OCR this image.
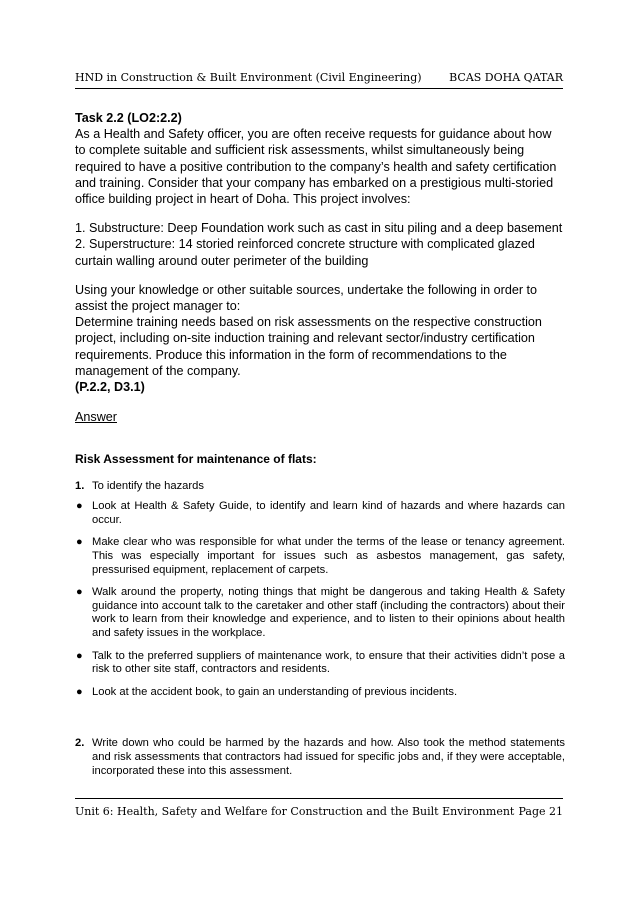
HND in Construction & Built Environment (Civil Engineering)	BCAS DOHA QATAR

Task 2.2 (LO2:2.2)

As a Health and Safety officer, you are often receive requests for guidance about how to complete suitable and sufficient risk assessments, whilst simultaneously being required to have a positive contribution to the company’s health and safety certification and training. Consider that your company has embarked on a prestigious multi-storied office building project in heart of Doha. This project involves:

1. Substructure: Deep Foundation work such as cast in situ piling and a deep basement

2. Superstructure: 14 storied reinforced concrete structure with complicated glazed curtain walling around outer perimeter of the building

Using your knowledge or other suitable sources, undertake the following in order to assist the project manager to:

Determine training needs based on risk assessments on the respective construction project, including on-site induction training and relevant sector/industry certification requirements. Produce this information in the form of recommendations to the management of the company.

(P.2.2, D3.1)

Answer

Risk Assessment for maintenance of flats:

1. To identify the hazards
● Look at Health & Safety Guide, to identify and learn kind of hazards and where hazards can occur.
● Make clear who was responsible for what under the terms of the lease or tenancy agreement. This was especially important for issues such as asbestos management, gas safety, pressurised equipment, replacement of carpets.
● Walk around the property, noting things that might be dangerous and taking Health & Safety guidance into account talk to the caretaker and other staff (including the contractors) about their work to learn from their knowledge and experience, and to listen to their opinions about health and safety issues in the workplace.
● Talk to the preferred suppliers of maintenance work, to ensure that their activities didn’t pose a risk to other site staff, contractors and residents.
● Look at the accident book, to gain an understanding of previous incidents.
2. Write down who could be harmed by the hazards and how. Also took the method statements and risk assessments that contractors had issued for specific jobs and, if they were acceptable, incorporated these into this assessment.
Unit 6: Health, Safety and Welfare for Construction and the Built Environment Page 21
